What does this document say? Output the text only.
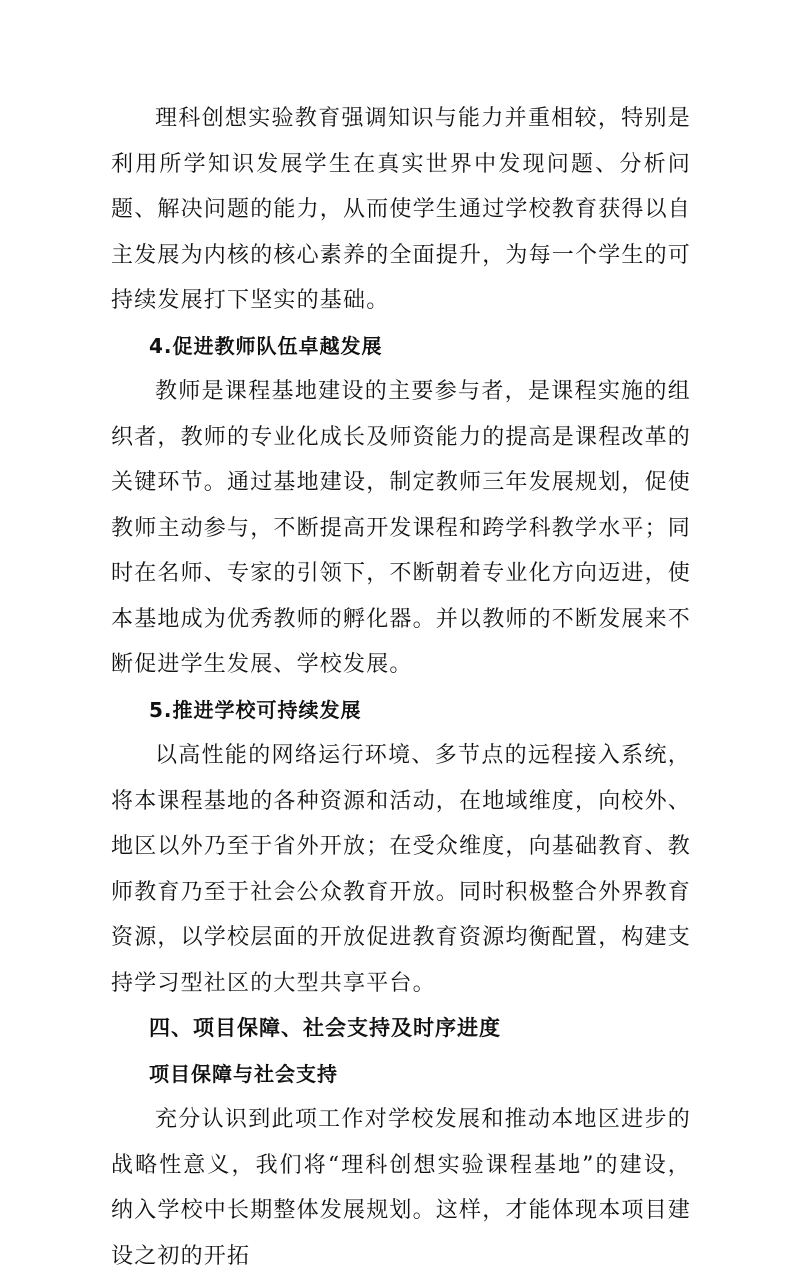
理科创想实验教育强调知识与能力并重相较，特别是利用所学知识发展学生在真实世界中发现问题、分析问题、解决问题的能力，从而使学生通过学校教育获得以自主发展为内核的核心素养的全面提升，为每一个学生的可持续发展打下坚实的基础。

4.促进教师队伍卓越发展

教师是课程基地建设的主要参与者，是课程实施的组织者，教师的专业化成长及师资能力的提高是课程改革的关键环节。通过基地建设，制定教师三年发展规划，促使教师主动参与，不断提高开发课程和跨学科教学水平；同时在名师、专家的引领下，不断朝着专业化方向迈进，使本基地成为优秀教师的孵化器。并以教师的不断发展来不断促进学生发展、学校发展。

5.推进学校可持续发展

以高性能的网络运行环境、多节点的远程接入系统，将本课程基地的各种资源和活动，在地域维度，向校外、地区以外乃至于省外开放；在受众维度，向基础教育、教师教育乃至于社会公众教育开放。同时积极整合外界教育资源，以学校层面的开放促进教育资源均衡配置，构建支持学习型社区的大型共享平台。

四、项目保障、社会支持及时序进度

项目保障与社会支持

充分认识到此项工作对学校发展和推动本地区进步的战略性意义，我们将“理科创想实验课程基地”的建设，纳入学校中长期整体发展规划。这样，才能体现本项目建设之初的开拓
